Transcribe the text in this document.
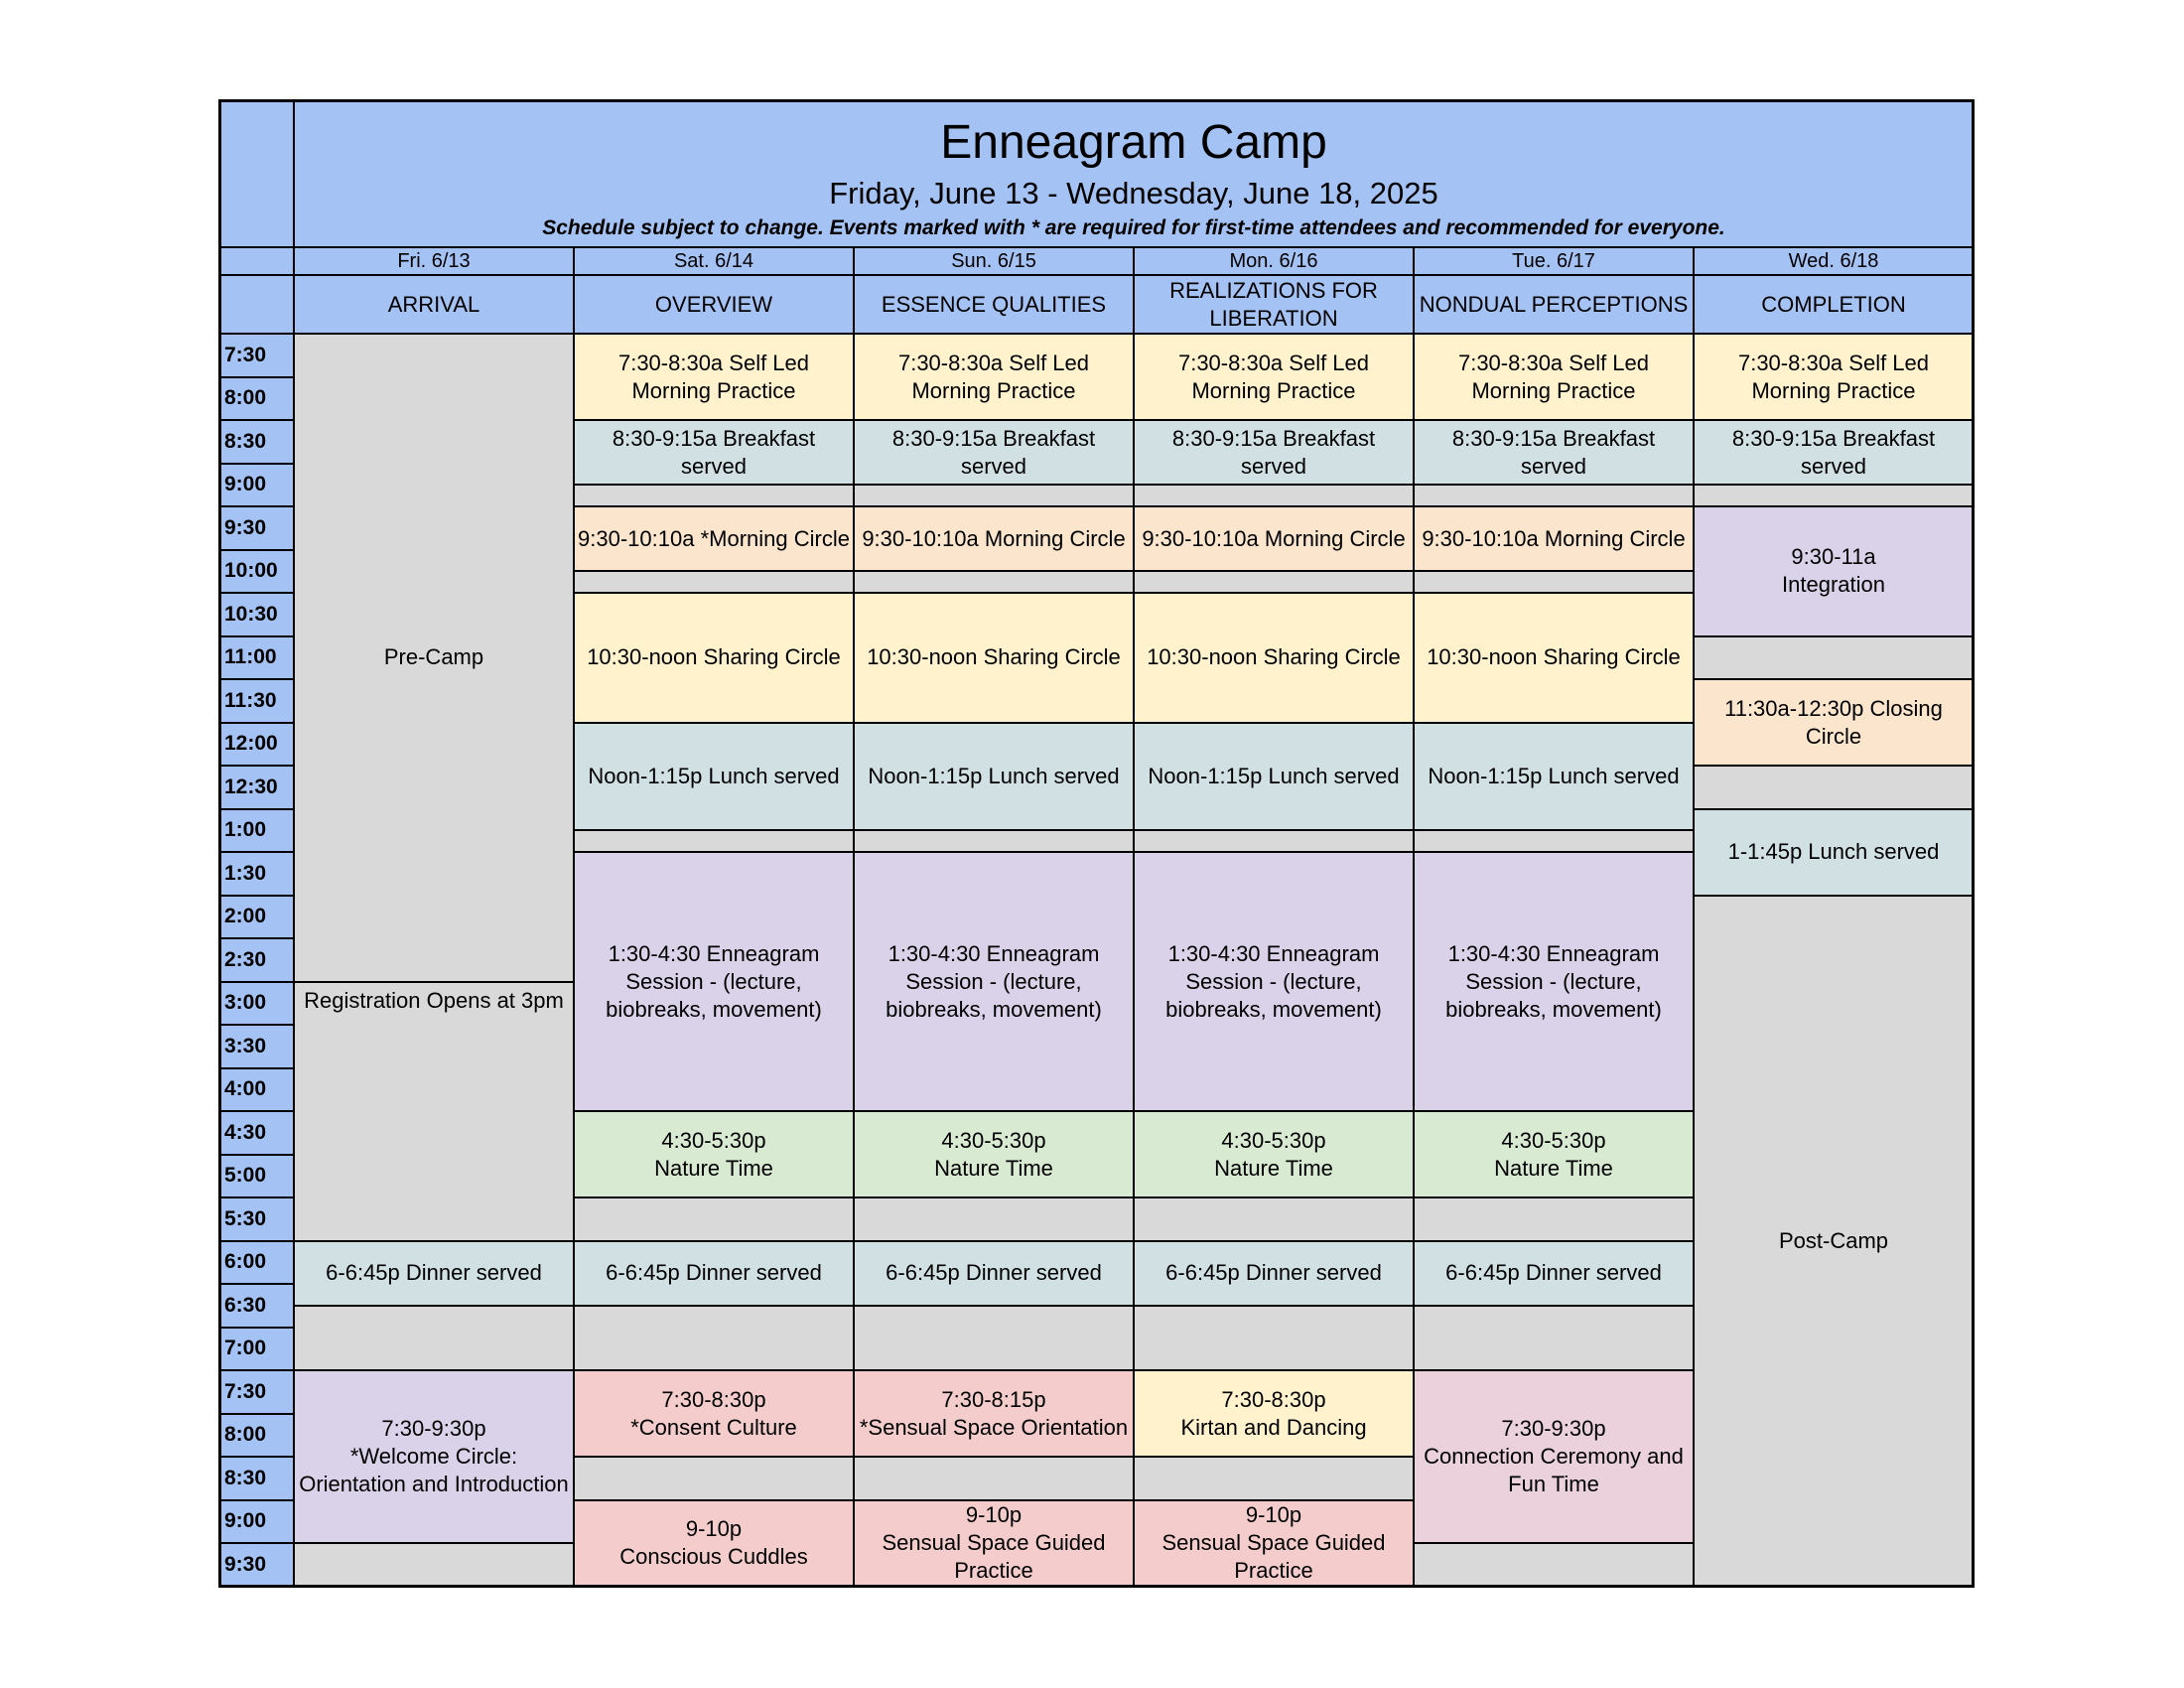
Fri. 6/13
ARRIVAL
Sat. 6/14
OVERVIEW
Sun. 6/15
ESSENCE QUALITIES
Mon. 6/16
REALIZATIONS FOR LIBERATION
Tue. 6/17
NONDUAL PERCEPTIONS
Wed. 6/18
COMPLETION
7:30
8:00
8:30
9:00
9:30
10:00
10:30
11:00
11:30
12:00
12:30
1:00
1:30
2:00
2:30
3:00
3:30
4:00
4:30
5:00
5:30
6:00
6:30
7:00
7:30
8:00
8:30
9:00
9:30
Pre-Camp
Registration Opens at 3pm
6-6:45p Dinner served
7:30-9:30p
*Welcome Circle: Orientation and Introduction
7:30-8:30a Self Led Morning Practice
8:30-9:15a Breakfast served
9:30-10:10a *Morning Circle
10:30-noon Sharing Circle
Noon-1:15p Lunch served
1:30-4:30 Enneagram Session - (lecture, biobreaks, movement)
4:30-5:30p
Nature Time
6-6:45p Dinner served
7:30-8:30p
*Consent Culture
9-10p
Conscious Cuddles
7:30-8:30a Self Led Morning Practice
8:30-9:15a Breakfast served
9:30-10:10a Morning Circle
10:30-noon Sharing Circle
Noon-1:15p Lunch served
1:30-4:30 Enneagram Session - (lecture, biobreaks, movement)
4:30-5:30p
Nature Time
6-6:45p Dinner served
7:30-8:15p
*Sensual Space Orientation
9-10p
Sensual Space Guided Practice
7:30-8:30a Self Led Morning Practice
8:30-9:15a Breakfast served
9:30-10:10a Morning Circle
10:30-noon Sharing Circle
Noon-1:15p Lunch served
1:30-4:30 Enneagram Session - (lecture, biobreaks, movement)
4:30-5:30p
Nature Time
6-6:45p Dinner served
7:30-8:30p
Kirtan and Dancing
9-10p
Sensual Space Guided Practice
7:30-8:30a Self Led Morning Practice
8:30-9:15a Breakfast served
9:30-10:10a Morning Circle
10:30-noon Sharing Circle
Noon-1:15p Lunch served
1:30-4:30 Enneagram Session - (lecture, biobreaks, movement)
4:30-5:30p
Nature Time
6-6:45p Dinner served
7:30-9:30p
Connection Ceremony and Fun Time
7:30-8:30a Self Led Morning Practice
8:30-9:15a Breakfast served
9:30-11a
Integration
11:30a-12:30p Closing Circle
1-1:45p Lunch served
Post-Camp
Enneagram Camp
Friday, June 13 - Wednesday, June 18, 2025
Schedule subject to change. Events marked with * are required for first-time attendees and recommended for everyone.
